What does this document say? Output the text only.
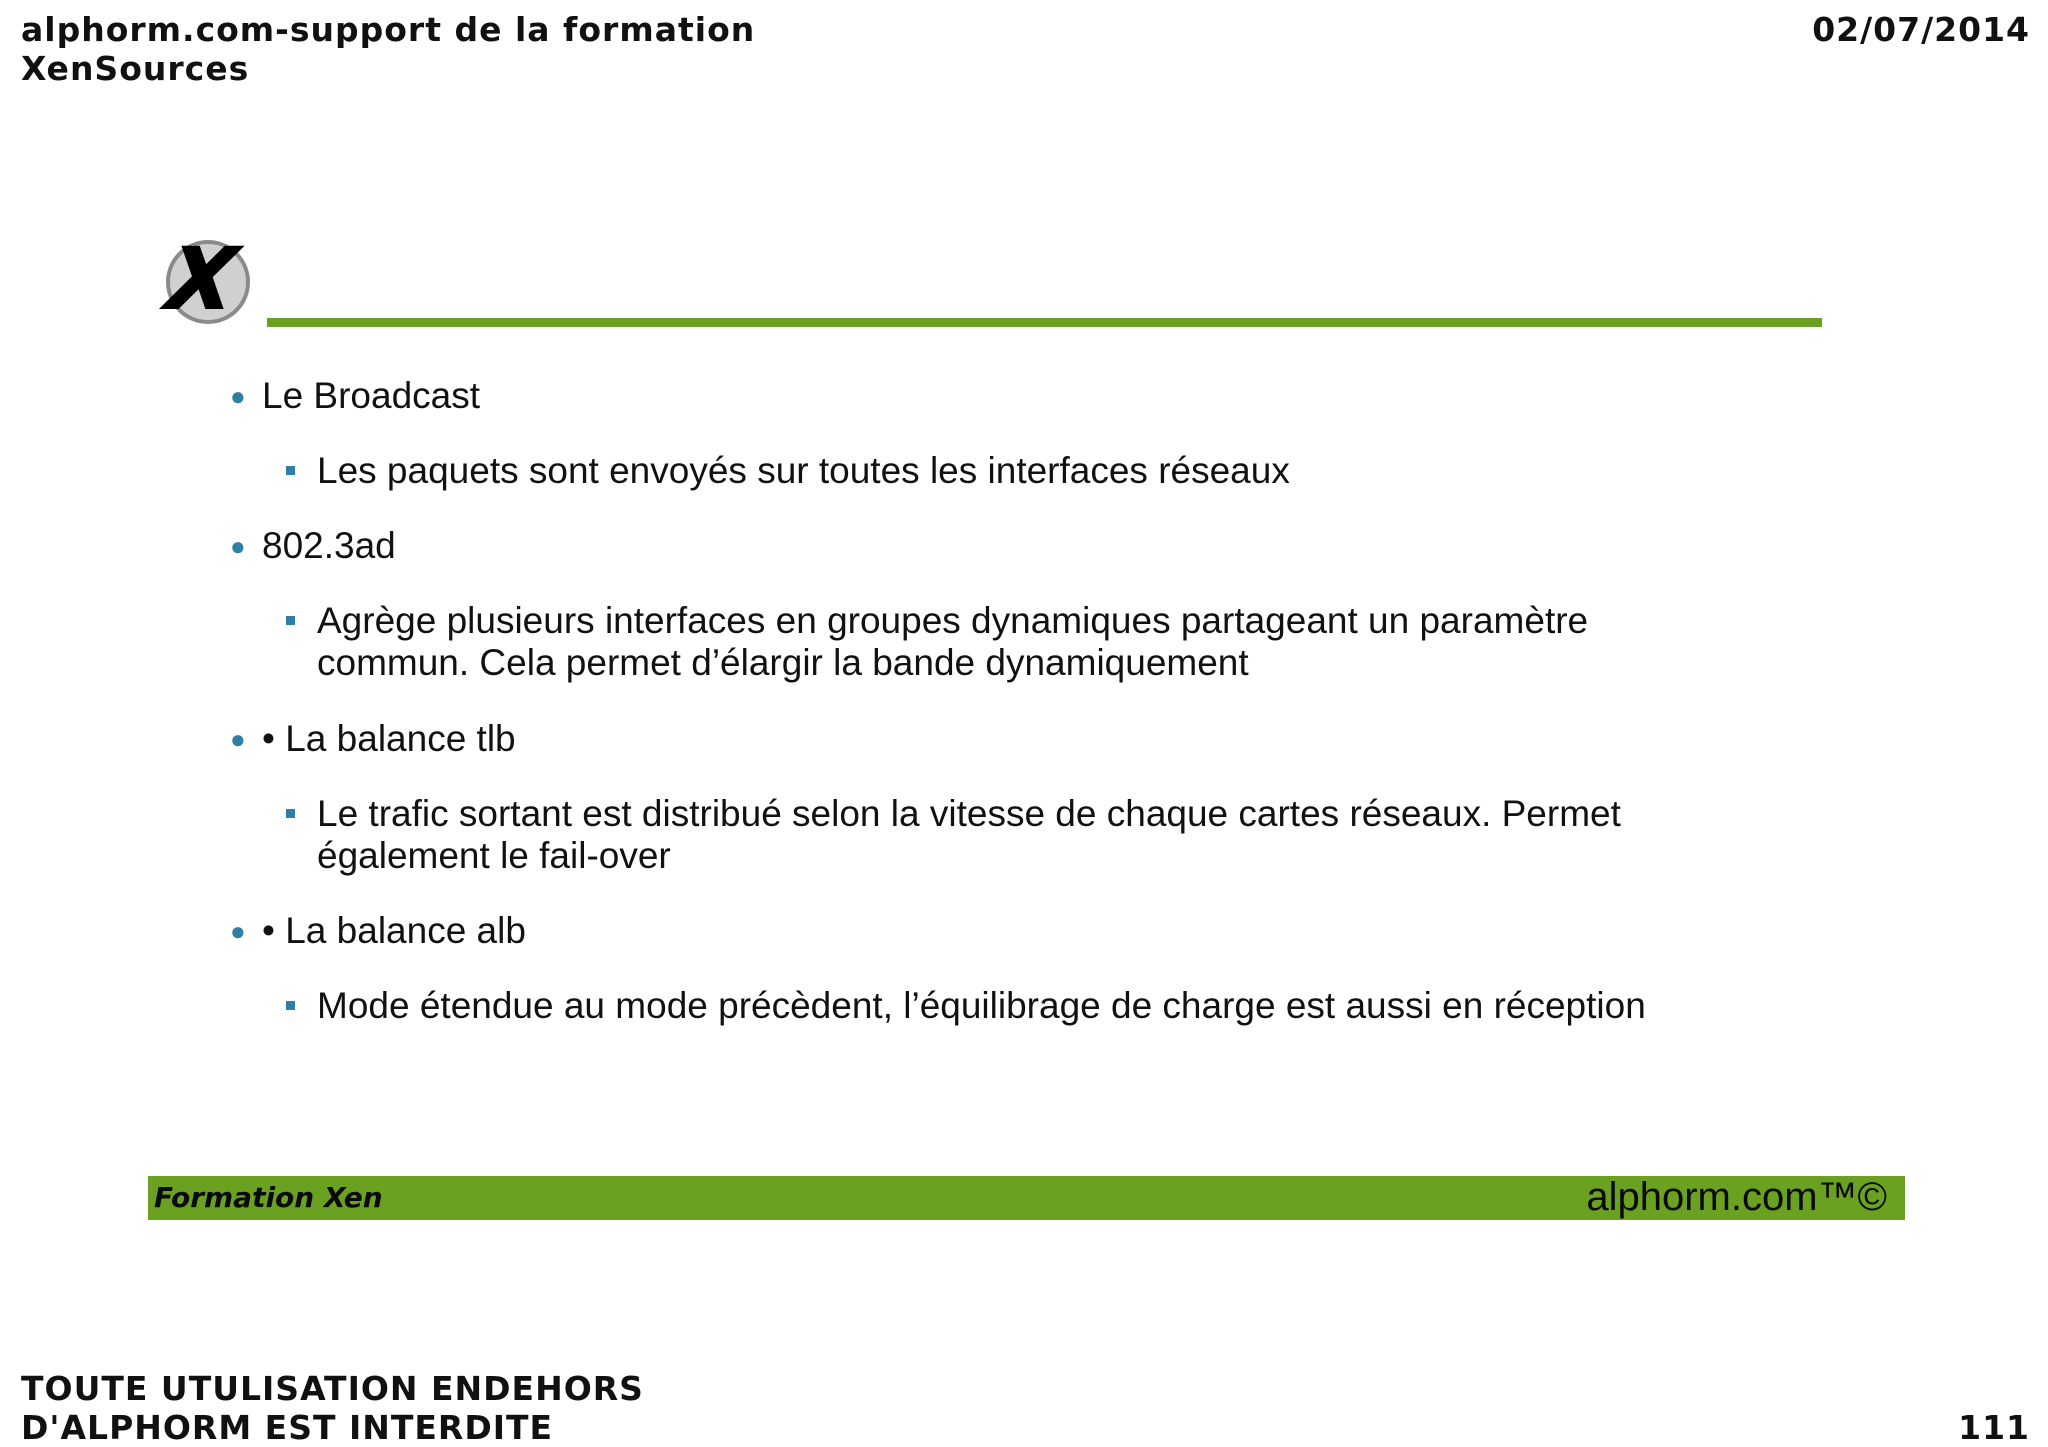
alphorm.com-support de la formation
XenSources
02/07/2014
X
● Le Broadcast
Les paquets sont envoyés sur toutes les interfaces réseaux
● 802.3ad
Agrège plusieurs interfaces en groupes dynamiques partageant un paramètre commun. Cela permet d’élargir la bande dynamiquement
● • La balance tlb
Le trafic sortant est distribué selon la vitesse de chaque cartes réseaux. Permet également le fail-over
● • La balance alb
Mode étendue au mode précèdent, l’équilibrage de charge est aussi en réception
Formation Xen	alphorm.com™©
TOUTE UTULISATION ENDEHORS
D'ALPHORM EST INTERDITE	111
